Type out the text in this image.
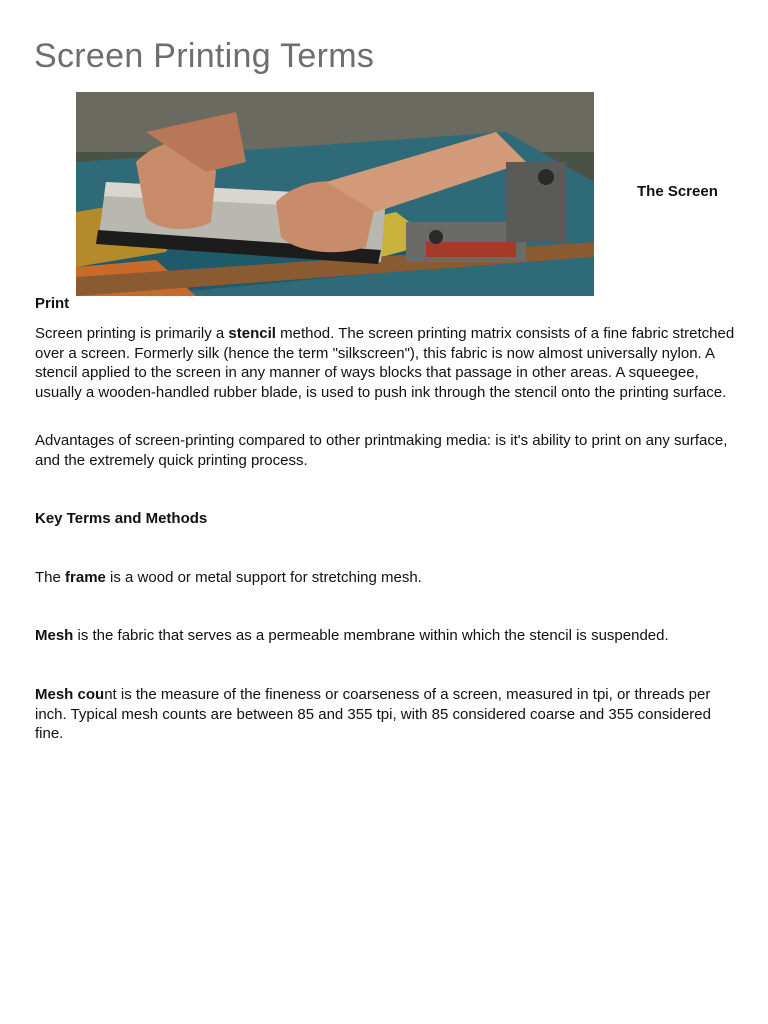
Screen Printing Terms
The Screen
Print

Screen printing is primarily a stencil method. The screen printing matrix consists of a fine fabric stretched over a screen. Formerly silk (hence the term "silkscreen"), this fabric is now almost universally nylon. A stencil applied to the screen in any manner of ways blocks that passage in other areas. A squeegee, usually a wooden-handled rubber blade, is used to push ink through the stencil onto the printing surface.

Advantages of screen-printing compared to other printmaking media: is it's ability to print on any surface, and the extremely quick printing process.

Key Terms and Methods

The frame is a wood or metal support for stretching mesh.

Mesh is the fabric that serves as a permeable membrane within which the stencil is suspended.

Mesh count is the measure of the fineness or coarseness of a screen, measured in tpi, or threads per inch. Typical mesh counts are between 85 and 355 tpi, with 85 considered coarse and 355 considered fine.
